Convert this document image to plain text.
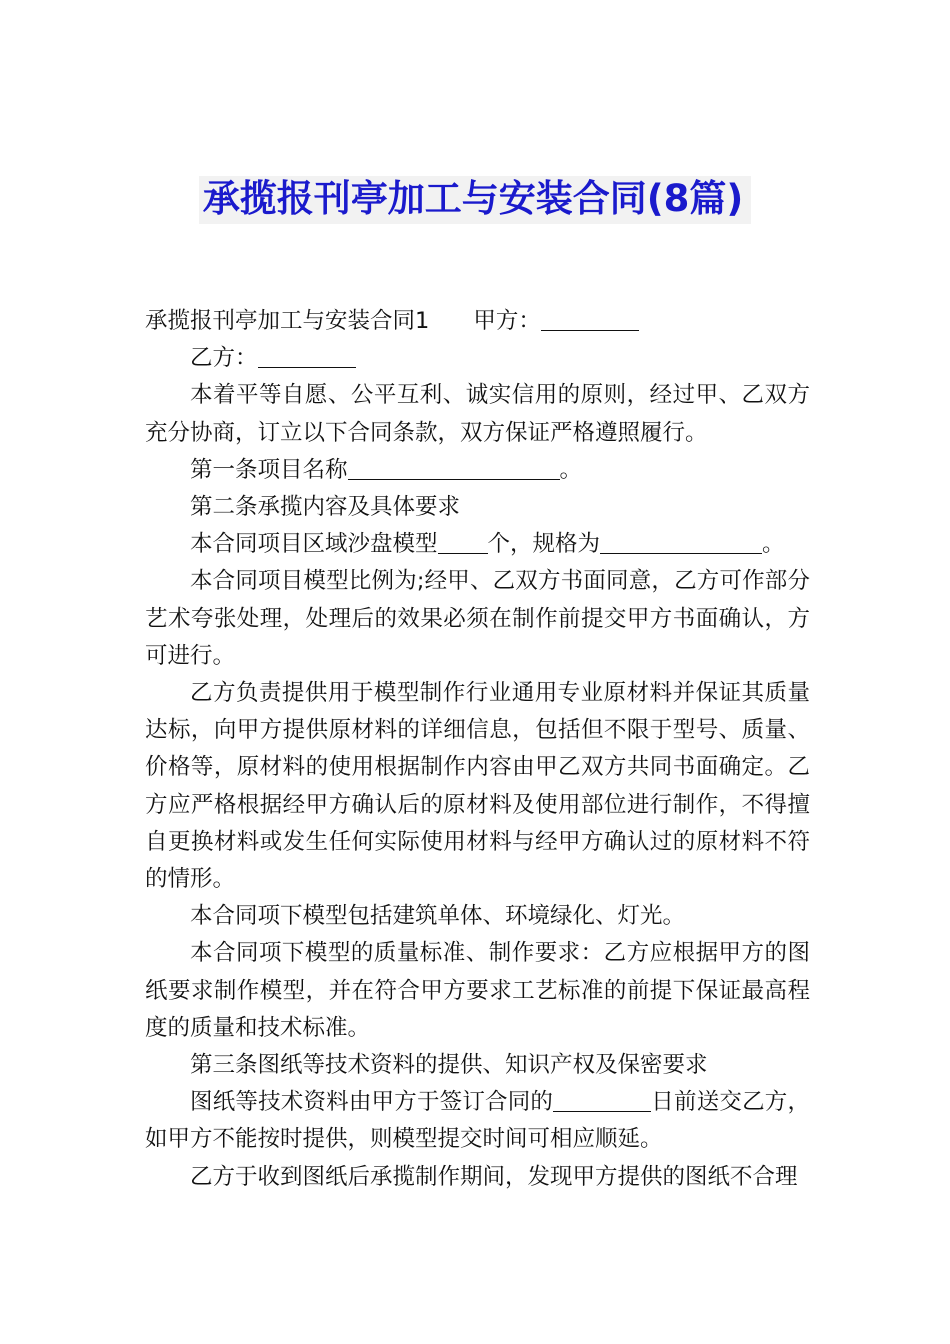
承揽报刊亭加工与安装合同(8篇)

承揽报刊亭加工与安装合同1 甲方：

乙方：

本着平等自愿、公平互利、诚实信用的原则，经过甲、乙双方充分协商，订立以下合同条款，双方保证严格遵照履行。

第一条项目名称	。

第二条承揽内容及具体要求

本合同项目区域沙盘模型 个，规格为	。

本合同项目模型比例为;经甲、乙双方书面同意，乙方可作部分艺术夸张处理，处理后的效果必须在制作前提交甲方书面确认，方可进行。

乙方负责提供用于模型制作行业通用专业原材料并保证其质量达标，向甲方提供原材料的详细信息，包括但不限于型号、质量、价格等，原材料的使用根据制作内容由甲乙双方共同书面确定。乙方应严格根据经甲方确认后的原材料及使用部位进行制作，不得擅自更换材料或发生任何实际使用材料与经甲方确认过的原材料不符的情形。

本合同项下模型包括建筑单体、环境绿化、灯光。

本合同项下模型的质量标准、制作要求：乙方应根据甲方的图纸要求制作模型，并在符合甲方要求工艺标准的前提下保证最高程度的质量和技术标准。

第三条图纸等技术资料的提供、知识产权及保密要求

图纸等技术资料由甲方于签订合同的	日前送交乙方，如甲方不能按时提供，则模型提交时间可相应顺延。

乙方于收到图纸后承揽制作期间，发现甲方提供的图纸不合理
